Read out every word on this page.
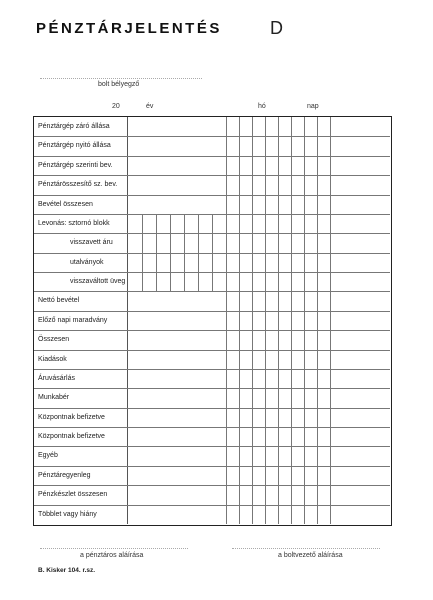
PÉNZTÁRJELENTÉS	D
bolt bélyegző
20	év	hó	nap
Pénztárgép záró állása
Pénztárgép nyitó állása
Pénztárgép szerinti bev.
Pénztárösszesítő sz. bev.
Bevétel összesen
Levonás: sztornó blokk
visszavett áru
utalványok
visszaváltott üveg
Nettó bevétel
Előző napi maradvány
Összesen
Kiadások
Áruvásárlás
Munkabér
Központnak befizetve
Központnak befizetve
Egyéb
Pénztáregyenleg
Pénzkészlet összesen
Többlet vagy hiány
a pénztáros aláírása	a boltvezető aláírása
B. Kisker 104. r.sz.
